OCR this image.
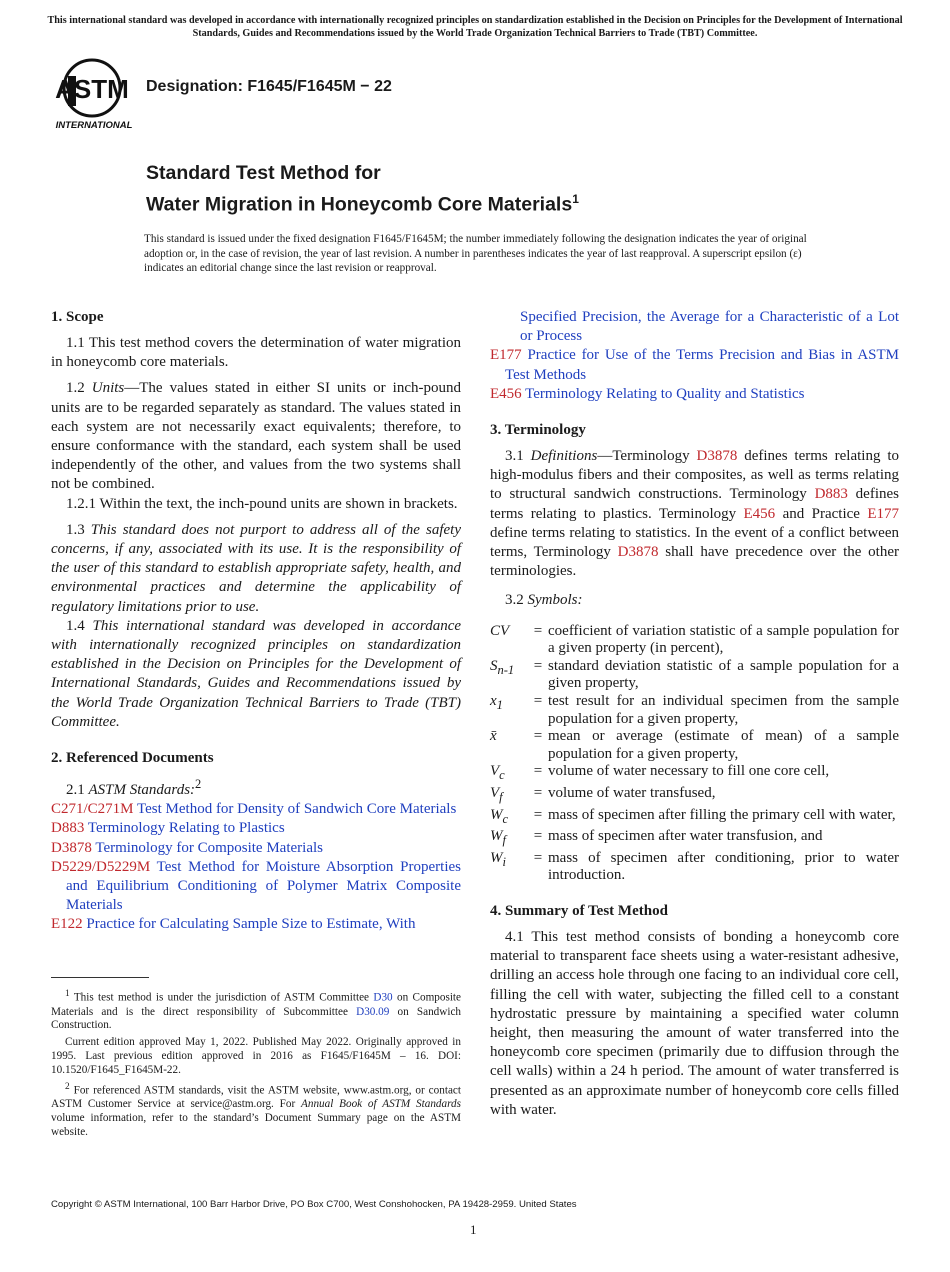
This international standard was developed in accordance with internationally recognized principles on standardization established in the Decision on Principles for the Development of International Standards, Guides and Recommendations issued by the World Trade Organization Technical Barriers to Trade (TBT) Committee.
ASTM
INTERNATIONAL
Designation: F1645/F1645M − 22
Standard Test Method for
Water Migration in Honeycomb Core Materials$^1$
This standard is issued under the fixed designation F1645/F1645M; the number immediately following the designation indicates the year of original adoption or, in the case of revision, the year of last revision. A number in parentheses indicates the year of last reapproval. A superscript epsilon (ε) indicates an editorial change since the last revision or reapproval.
1. Scope

1.1 This test method covers the determination of water migration in honeycomb core materials.

1.2 Units—The values stated in either SI units or inch-pound units are to be regarded separately as standard. The values stated in each system are not necessarily exact equivalents; therefore, to ensure conformance with the standard, each system shall be used independently of the other, and values from the two systems shall not be combined.

1.2.1 Within the text, the inch-pound units are shown in brackets.

1.3 This standard does not purport to address all of the safety concerns, if any, associated with its use. It is the responsibility of the user of this standard to establish appropriate safety, health, and environmental practices and determine the applicability of regulatory limitations prior to use.

1.4 This international standard was developed in accordance with internationally recognized principles on standardization established in the Decision on Principles for the Development of International Standards, Guides and Recommendations issued by the World Trade Organization Technical Barriers to Trade (TBT) Committee.

2. Referenced Documents

2.1 ASTM Standards:$^2$

C271/C271M Test Method for Density of Sandwich Core Materials

D883 Terminology Relating to Plastics

D3878 Terminology for Composite Materials

D5229/D5229M Test Method for Moisture Absorption Properties and Equilibrium Conditioning of Polymer Matrix Composite Materials

E122 Practice for Calculating Sample Size to Estimate, With

$^1$ This test method is under the jurisdiction of ASTM Committee D30 on Composite Materials and is the direct responsibility of Subcommittee D30.09 on Sandwich Construction.

Current edition approved May 1, 2022. Published May 2022. Originally approved in 1995. Last previous edition approved in 2016 as F1645/F1645M – 16. DOI: 10.1520/F1645_F1645M-22.

$^2$ For referenced ASTM standards, visit the ASTM website, www.astm.org, or contact ASTM Customer Service at service@astm.org. For Annual Book of ASTM Standards volume information, refer to the standard’s Document Summary page on the ASTM website.

Specified Precision, the Average for a Characteristic of a Lot or Process

E177 Practice for Use of the Terms Precision and Bias in ASTM Test Methods

E456 Terminology Relating to Quality and Statistics

3. Terminology

3.1 Definitions—Terminology D3878 defines terms relating to high-modulus fibers and their composites, as well as terms relating to structural sandwich constructions. Terminology D883 defines terms relating to plastics. Terminology E456 and Practice E177 define terms relating to statistics. In the event of a conflict between terms, Terminology D3878 shall have precedence over the other terminologies.

3.2 Symbols:

CV	=	coefficient of variation statistic of a sample population for a given property (in percent),
$S_{n-1}$	=	standard deviation statistic of a sample population for a given property,
$x_1$	=	test result for an individual specimen from the sample population for a given property,
x̄	=	mean or average (estimate of mean) of a sample population for a given property,
$V_c$	=	volume of water necessary to fill one core cell,
$V_f$	=	volume of water transfused,
$W_c$	=	mass of specimen after filling the primary cell with water,
$W_f$	=	mass of specimen after water transfusion, and
$W_i$	=	mass of specimen after conditioning, prior to water introduction.
4. Summary of Test Method

4.1 This test method consists of bonding a honeycomb core material to transparent face sheets using a water-resistant adhesive, drilling an access hole through one facing to an individual core cell, filling the cell with water, subjecting the filled cell to a constant hydrostatic pressure by maintaining a specified water column height, then measuring the amount of water transferred into the honeycomb core specimen (primarily due to diffusion through the cell walls) within a 24 h period. The amount of water transferred is presented as an approximate number of honeycomb core cells filled with water.

Copyright © ASTM International, 100 Barr Harbor Drive, PO Box C700, West Conshohocken, PA 19428-2959. United States
1
